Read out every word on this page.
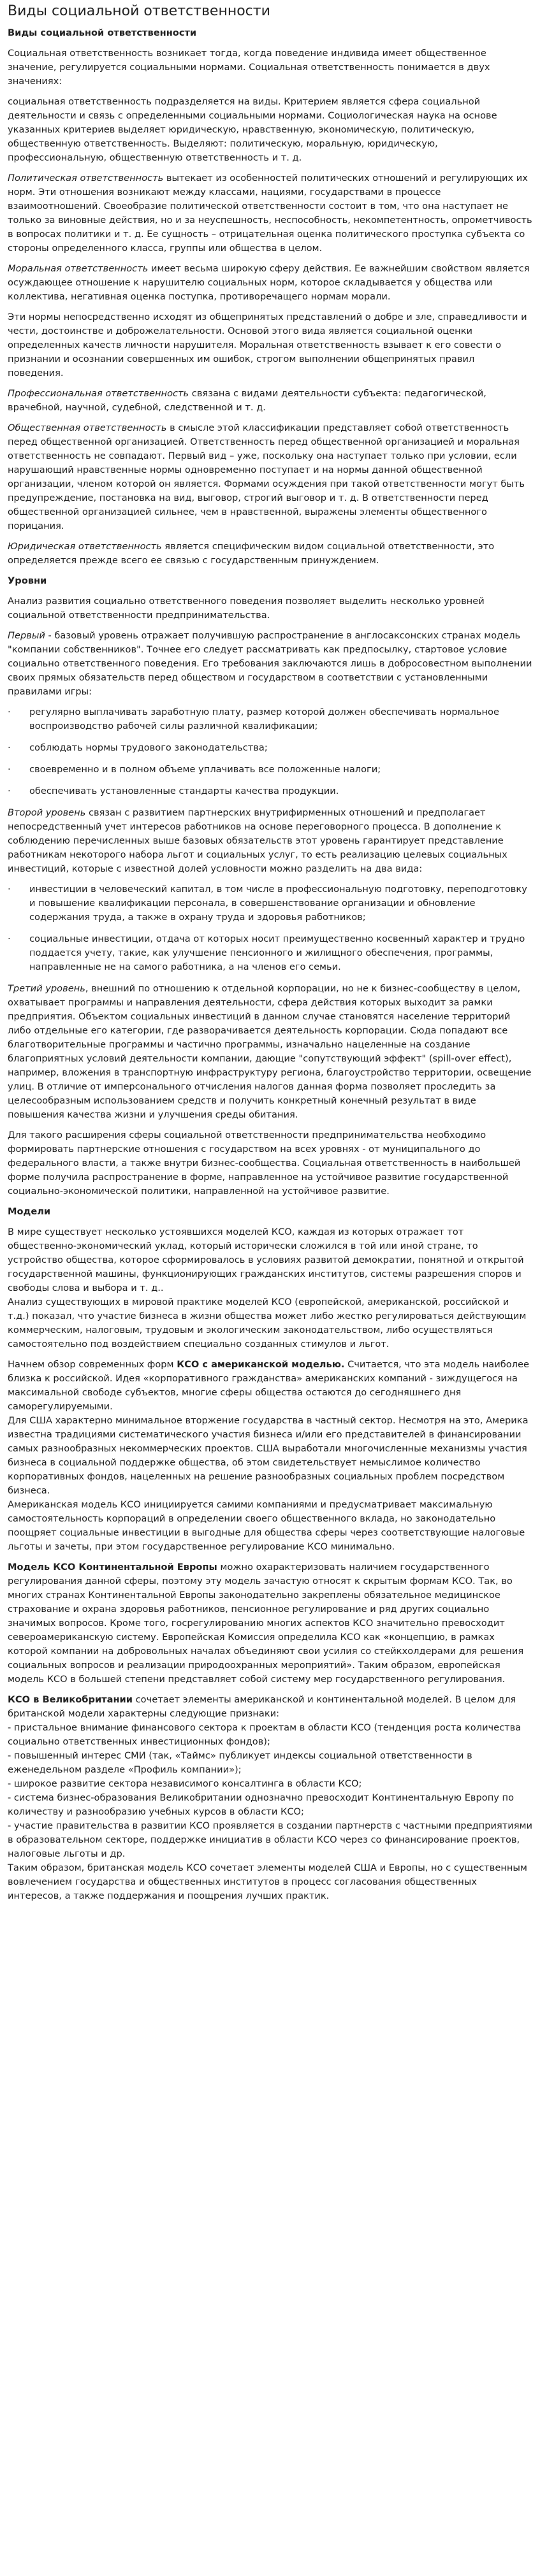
Виды социальной ответственности
Виды социальной ответственности

Социальная ответственность возникает тогда, когда поведение индивида имеет общественное значение, регулируется социальными нормами. Социальная ответственность понимается в двух значениях:

социальная ответственность подразделяется на виды. Критерием является сфера социальной деятельности и связь с определенными социальными нормами. Социологическая наука на основе указанных критериев выделяет юридическую, нравственную, экономическую, политическую, общественную ответственность. Выделяют: политическую, моральную, юридическую, профессиональную, общественную ответственность и т. д.

Политическая ответственность вытекает из особенностей политических отношений и регулирующих их норм. Эти отношения возникают между классами, нациями, государствами в процессе взаимоотношений. Своеобразие политической ответственности состоит в том, что она наступает не только за виновные действия, но и за неуспешность, неспособность, некомпетентность, опрометчивость в вопросах политики и т. д. Ее сущность – отрицательная оценка политического проступка субъекта со стороны определенного класса, группы или общества в целом.

Моральная ответственность имеет весьма широкую сферу действия. Ее важнейшим свойством является осуждающее отношение к нарушителю социальных норм, которое складывается у общества или коллектива, негативная оценка поступка, противоречащего нормам морали.

Эти нормы непосредственно исходят из общепринятых представлений о добре и зле, справедливости и чести, достоинстве и доброжелательности. Основой этого вида является социальной оценки определенных качеств личности нарушителя. Моральная ответственность взывает к его совести о признании и осознании совершенных им ошибок, строгом выполнении общепринятых правил поведения.

Профессиональная ответственность связана с видами деятельности субъекта: педагогической, врачебной, научной, судебной, следственной и т. д.

Общественная ответственность в смысле этой классификации представляет собой ответственность перед общественной организацией. Ответственность перед общественной организацией и моральная ответственность не совпадают. Первый вид – уже, поскольку она наступает только при условии, если нарушающий нравственные нормы одновременно поступает и на нормы данной общественной организации, членом которой он является. Формами осуждения при такой ответственности могут быть предупреждение, постановка на вид, выговор, строгий выговор и т. д. В ответственности перед общественной организацией сильнее, чем в нравственной, выражены элементы общественного порицания.

Юридическая ответственность является специфическим видом социальной ответственности, это определяется прежде всего ее связью с государственным принуждением.

Уровни

Анализ развития социально ответственного поведения позволяет выделить несколько уровней социальной ответственности предпринимательства.

Первый - базовый уровень отражает получившую распространение в англосаксонских странах модель "компании собственников". Точнее его следует рассматривать как предпосылку, стартовое условие социально ответственного поведения. Его требования заключаются лишь в добросовестном выполнении своих прямых обязательств перед обществом и государством в соответствии с установленными правилами игры:

·	регулярно выплачивать заработную плату, размер которой должен обеспечивать нормальное воспроизводство рабочей силы различной квалификации;
·	соблюдать нормы трудового законодательства;
·	своевременно и в полном объеме уплачивать все положенные налоги;
·	обеспечивать установленные стандарты качества продукции.

Второй уровень связан с развитием партнерских внутрифирменных отношений и предполагает непосредственный учет интересов работников на основе переговорного процесса. В дополнение к соблюдению перечисленных выше базовых обязательств этот уровень гарантирует представление работникам некоторого набора льгот и социальных услуг, то есть реализацию целевых социальных инвестиций, которые с известной долей условности можно разделить на два вида:

·	инвестиции в человеческий капитал, в том числе в профессиональную подготовку, переподготовку и повышение квалификации персонала, в совершенствование организации и обновление содержания труда, а также в охрану труда и здоровья работников;
·	социальные инвестиции, отдача от которых носит преимущественно косвенный характер и трудно поддается учету, такие, как улучшение пенсионного и жилищного обеспечения, программы, направленные не на самого работника, а на членов его семьи.

Третий уровень, внешний по отношению к отдельной корпорации, но не к бизнес-сообществу в целом, охватывает программы и направления деятельности, сфера действия которых выходит за рамки предприятия. Объектом социальных инвестиций в данном случае становятся население территорий либо отдельные его категории, где разворачивается деятельность корпорации. Сюда попадают все благотворительные программы и частично программы, изначально нацеленные на создание благоприятных условий деятельности компании, дающие "сопутствующий эффект" (spill-over effect), например, вложения в транспортную инфраструктуру региона, благоустройство территории, освещение улиц. В отличие от имперсонального отчисления налогов данная форма позволяет проследить за целесообразным использованием средств и получить конкретный конечный результат в виде повышения качества жизни и улучшения среды обитания.

Для такого расширения сферы социальной ответственности предпринимательства необходимо формировать партнерские отношения с государством на всех уровнях - от муниципального до федерального власти, а также внутри бизнес-сообщества. Социальная ответственность в наибольшей форме получила распространение в форме, направленное на устойчивое развитие государственной социально-экономической политики, направленной на устойчивое развитие.

Модели

В мире существует несколько устоявшихся моделей КСО, каждая из которых отражает тот общественно-экономический уклад, который исторически сложился в той или иной стране, то устройство общества, которое сформировалось в условиях развитой демократии, понятной и открытой государственной машины, функционирующих гражданских институтов, системы разрешения споров и свободы слова и выбора и т. д..
Анализ существующих в мировой практике моделей КСО (европейской, американской, российской и т.д.) показал, что участие бизнеса в жизни общества может либо жестко регулироваться действующим коммерческим, налоговым, трудовым и экологическим законодательством, либо осуществляться самостоятельно под воздействием специально созданных стимулов и льгот.

Начнем обзор современных форм КСО с американской моделью. Считается, что эта модель наиболее близка к российской. Идея «корпоративного гражданства» американских компаний - зиждущегося на максимальной свободе субъектов, многие сферы общества остаются до сегодняшнего дня саморегулируемыми.
Для США характерно минимальное вторжение государства в частный сектор. Несмотря на это, Америка известна традициями систематического участия бизнеса и/или его представителей в финансировании самых разнообразных некоммерческих проектов. США выработали многочисленные механизмы участия бизнеса в социальной поддержке общества, об этом свидетельствует немыслимое количество корпоративных фондов, нацеленных на решение разнообразных социальных проблем посредством бизнеса.
Американская модель КСО инициируется самими компаниями и предусматривает максимальную самостоятельность корпораций в определении своего общественного вклада, но законодательно поощряет социальные инвестиции в выгодные для общества сферы через соответствующие налоговые льготы и зачеты, при этом государственное регулирование КСО минимально.

Модель КСО Континентальной Европы можно охарактеризовать наличием государственного регулирования данной сферы, поэтому эту модель зачастую относят к скрытым формам КСО. Так, во многих странах Континентальной Европы законодательно закреплены обязательное медицинское страхование и охрана здоровья работников, пенсионное регулирование и ряд других социально значимых вопросов. Кроме того, госрегулированию многих аспектов КСО значительно превосходит североамериканскую систему. Европейская Комиссия определила КСО как «концепцию, в рамках которой компании на добровольных началах объединяют свои усилия со стейкхолдерами для решения социальных вопросов и реализации природоохранных мероприятий». Таким образом, европейская модель КСО в большей степени представляет собой систему мер государственного регулирования.

КСО в Великобритании сочетает элементы американской и континентальной моделей. В целом для британской модели характерны следующие признаки:
- пристальное внимание финансового сектора к проектам в области КСО (тенденция роста количества социально ответственных инвестиционных фондов);
- повышенный интерес СМИ (так, «Таймс» публикует индексы социальной ответственности в еженедельном разделе «Профиль компании»);
- широкое развитие сектора независимого консалтинга в области КСО;
- система бизнес-образования Великобритании однозначно превосходит Континентальную Европу по количеству и разнообразию учебных курсов в области КСО;
- участие правительства в развитии КСО проявляется в создании партнерств с частными предприятиями в образовательном секторе, поддержке инициатив в области КСО через со финансирование проектов, налоговые льготы и др.
Таким образом, британская модель КСО сочетает элементы моделей США и Европы, но с существенным вовлечением государства и общественных институтов в процесс согласования общественных интересов, а также поддержания и поощрения лучших практик.
